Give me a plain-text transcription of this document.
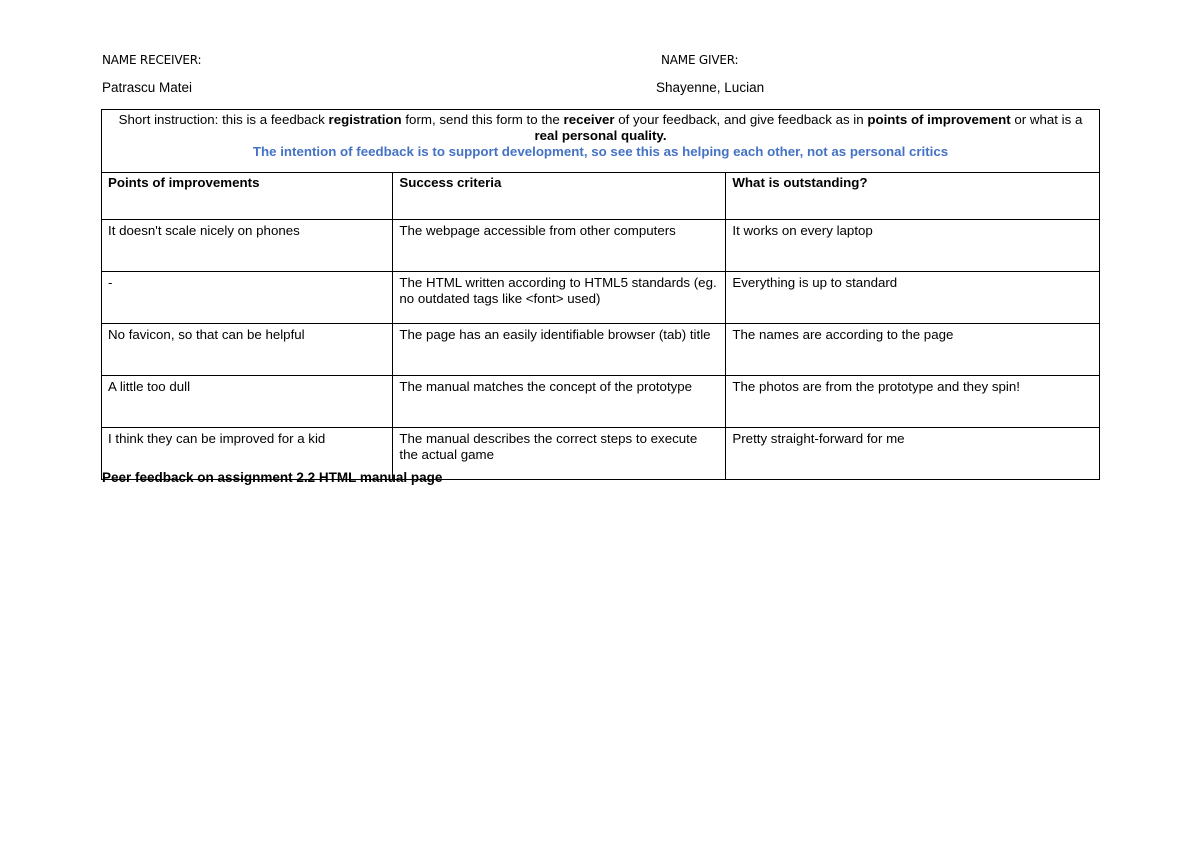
NAME RECEIVER:	NAME GIVER:
Patrascu Matei	Shayenne, Lucian
Short instruction: this is a feedback registration form, send this form to the receiver of your feedback, and give feedback as in points of improvement or what is a real personal quality.
The intention of feedback is to support development, so see this as helping each other, not as personal critics		
Points of improvements	Success criteria	What is outstanding?
It doesn't scale nicely on phones	The webpage accessible from other computers	It works on every laptop
-	The HTML written according to HTML5 standards (eg. no outdated tags like <font> used)	Everything is up to standard
No favicon, so that can be helpful	The page has an easily identifiable browser (tab) title	The names are according to the page
A little too dull	The manual matches the concept of the prototype	The photos are from the prototype and they spin!
I think they can be improved for a kid	The manual describes the correct steps to execute the actual game	Pretty straight-forward for me
Peer feedback on assignment 2.2 HTML manual page
